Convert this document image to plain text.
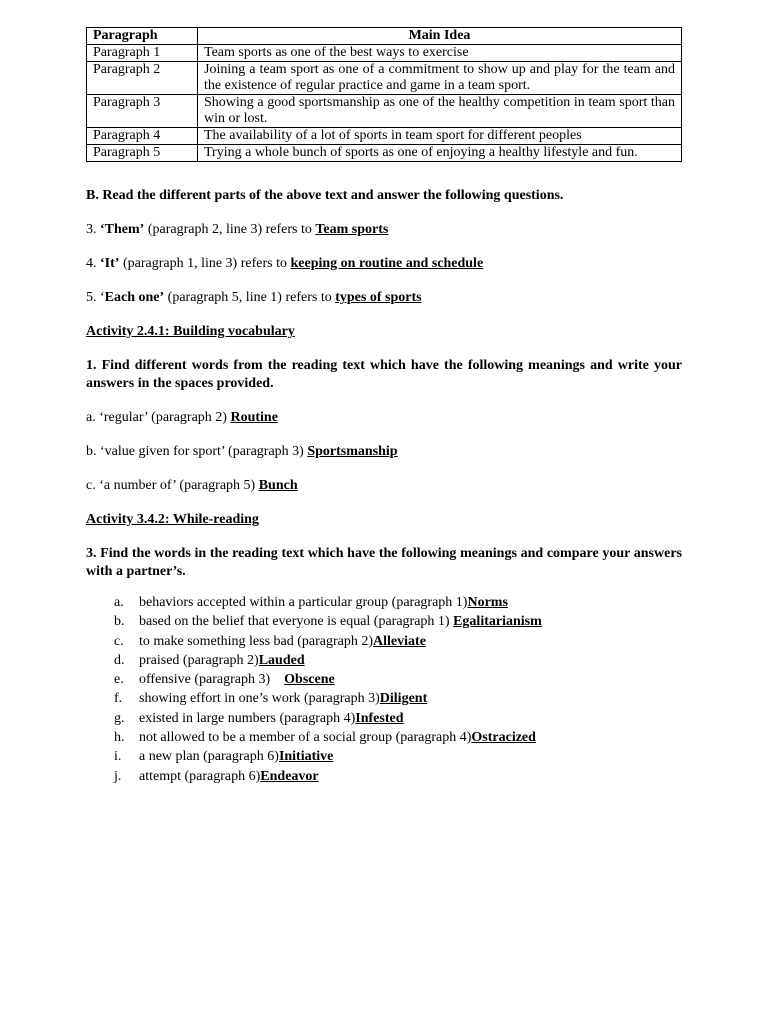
Paragraph	Main Idea
Paragraph 1	Team sports as one of the best ways to exercise
Paragraph 2	Joining a team sport as one of a commitment to show up and play for the team and the existence of regular practice and game in a team sport.
Paragraph 3	Showing a good sportsmanship as one of the healthy competition in team sport than win or lost.
Paragraph 4	The availability of a lot of sports in team sport for different peoples
Paragraph 5	Trying a whole bunch of sports as one of enjoying a healthy lifestyle and fun.

B. Read the different parts of the above text and answer the following questions.

3. ‘Them’ (paragraph 2, line 3) refers to Team sports

4. ‘It’ (paragraph 1, line 3) refers to keeping on routine and schedule

5. ‘Each one’ (paragraph 5, line 1) refers to types of sports

Activity 2.4.1: Building vocabulary

1. Find different words from the reading text which have the following meanings and write your answers in the spaces provided.

a. ‘regular’ (paragraph 2) Routine

b. ‘value given for sport’ (paragraph 3) Sportsmanship

c. ‘a number of’ (paragraph 5) Bunch

Activity 3.4.2: While-reading

3. Find the words in the reading text which have the following meanings and compare your answers with a partner’s.

a. behaviors accepted within a particular group (paragraph 1)Norms
b. based on the belief that everyone is equal (paragraph 1) Egalitarianism
c. to make something less bad (paragraph 2)Alleviate
d. praised (paragraph 2)Lauded
e. offensive (paragraph 3)    Obscene
f. showing effort in one’s work (paragraph 3)Diligent
g. existed in large numbers (paragraph 4)Infested
h. not allowed to be a member of a social group (paragraph 4)Ostracized
i. a new plan (paragraph 6)Initiative
j. attempt (paragraph 6)Endeavor
